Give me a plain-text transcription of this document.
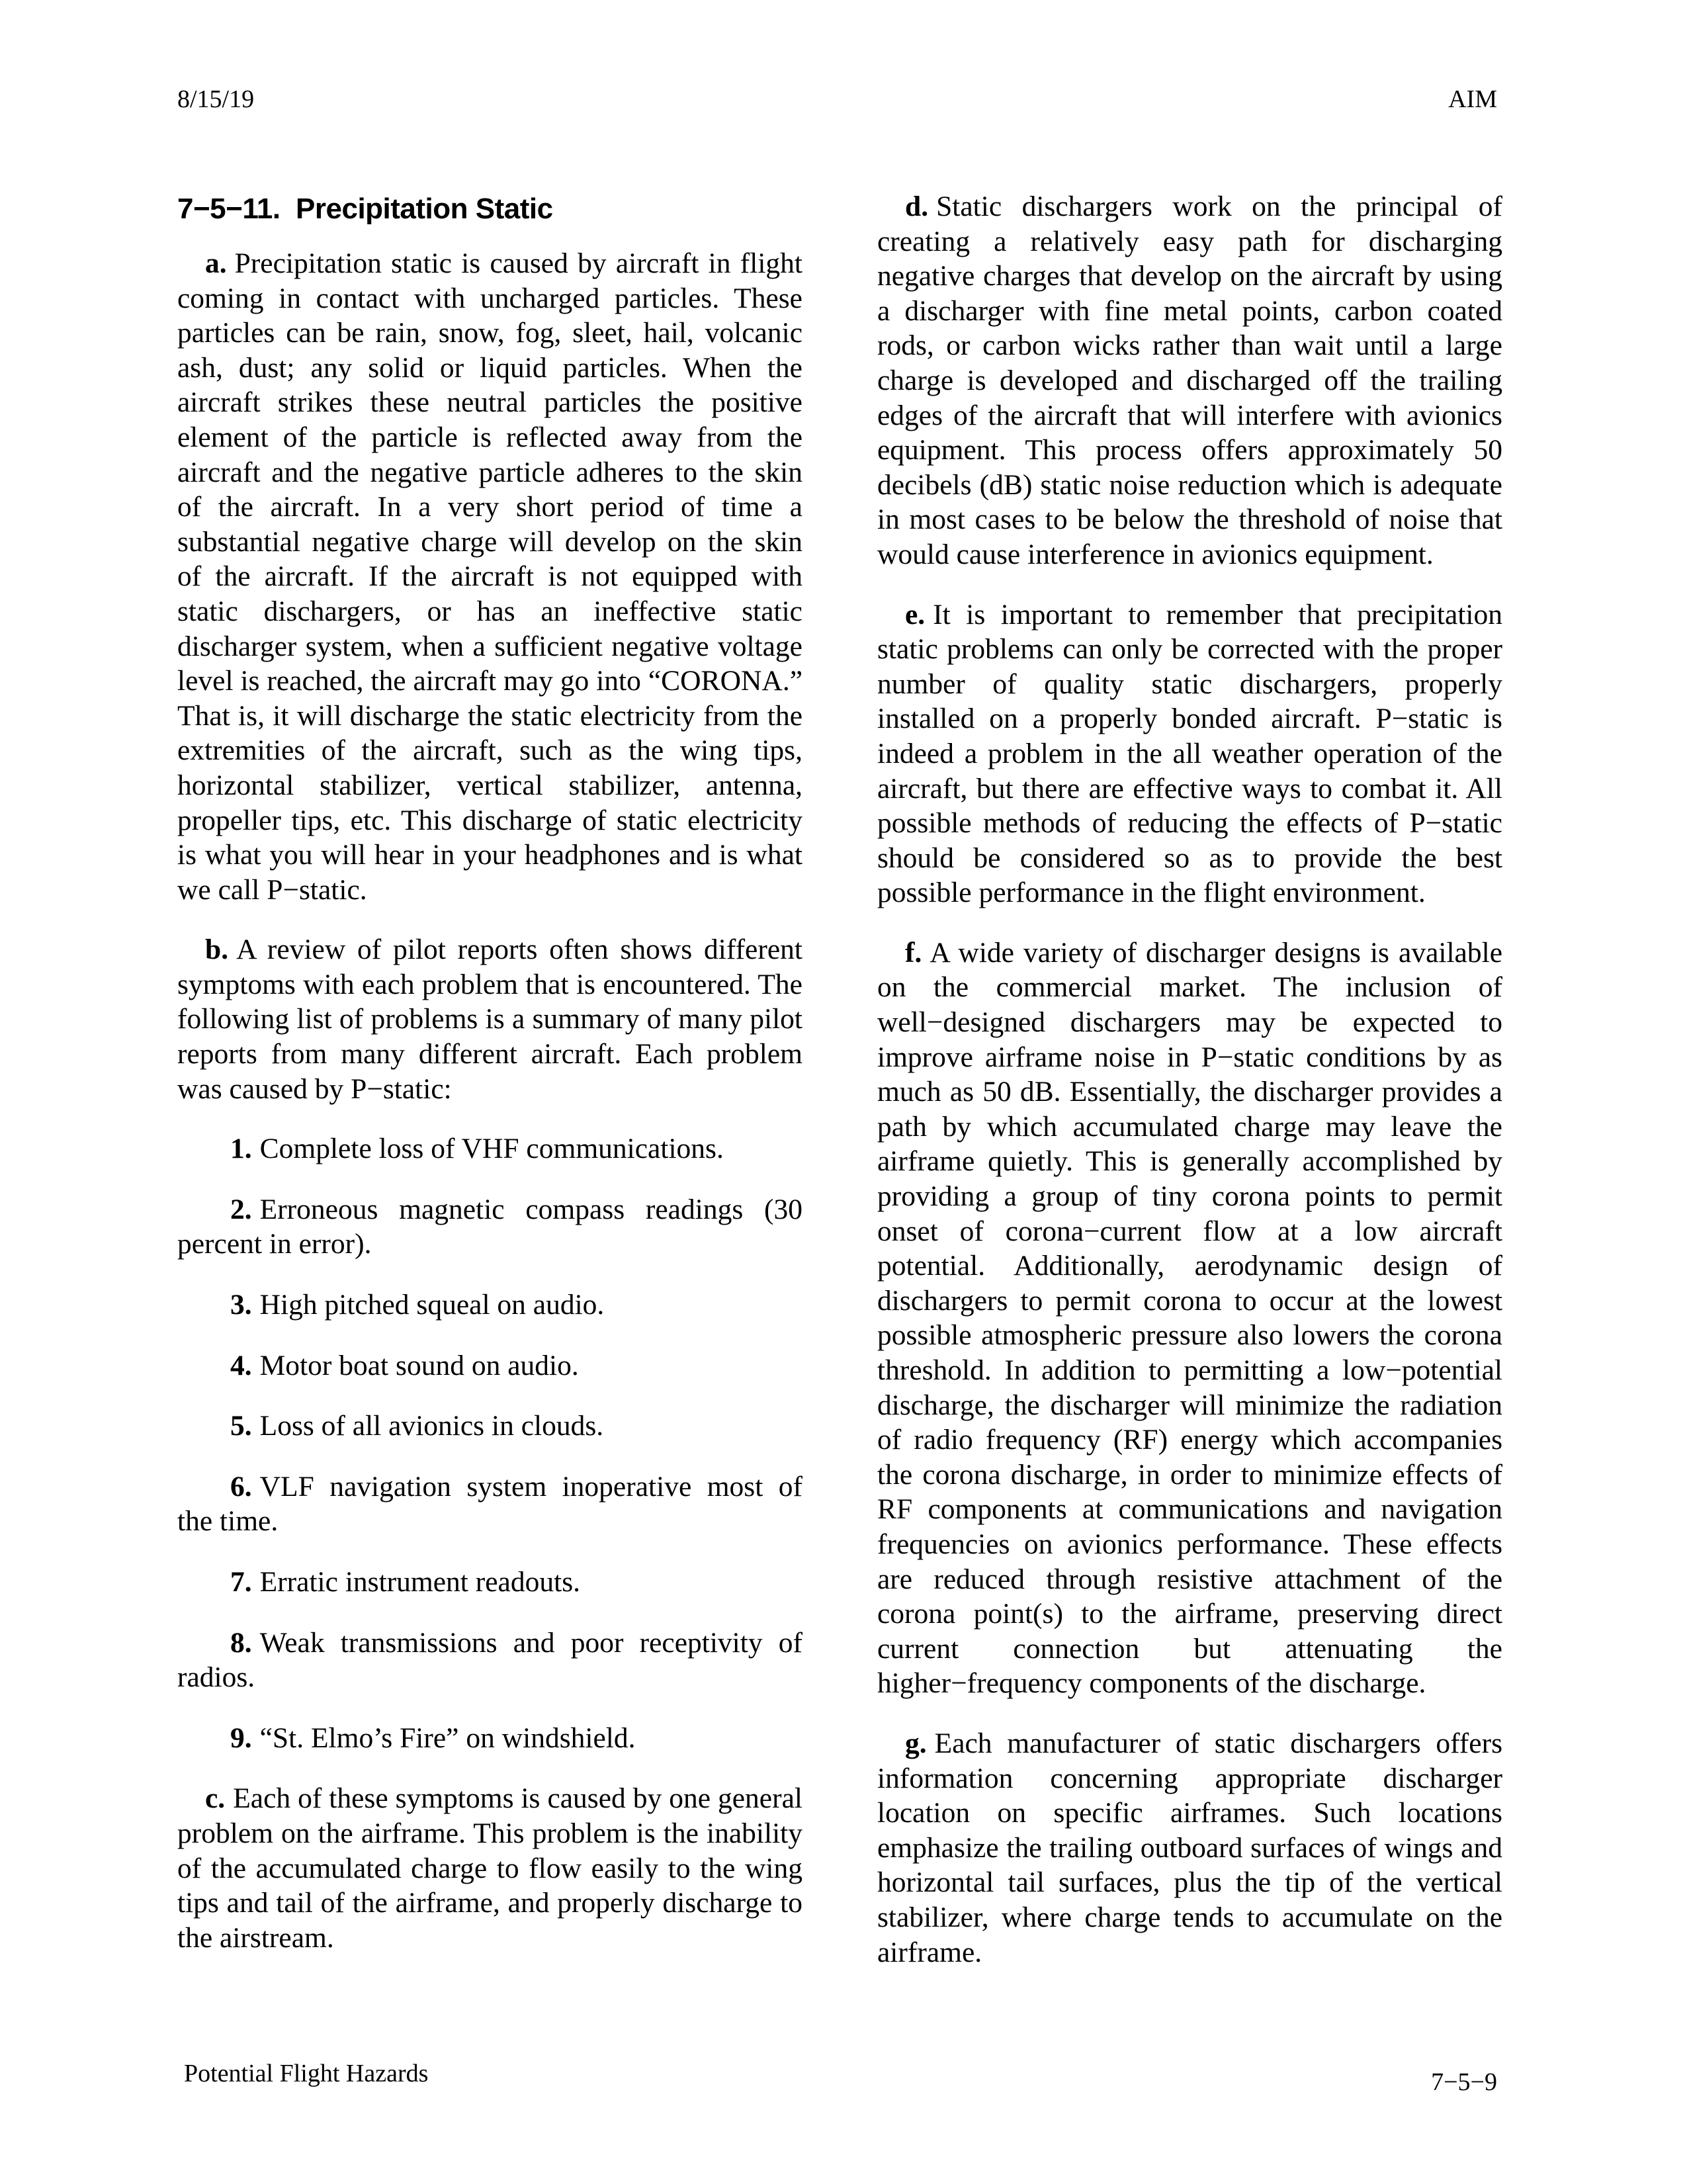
8/15/19	AIM
7−5−11. Precipitation Static

a. Precipitation static is caused by aircraft in flight coming in contact with uncharged particles. These particles can be rain, snow, fog, sleet, hail, volcanic ash, dust; any solid or liquid particles. When the aircraft strikes these neutral particles the positive element of the particle is reflected away from the aircraft and the negative particle adheres to the skin of the aircraft. In a very short period of time a substantial negative charge will develop on the skin of the aircraft. If the aircraft is not equipped with static dischargers, or has an ineffective static discharger system, when a sufficient negative voltage level is reached, the aircraft may go into “CORONA.” That is, it will discharge the static electricity from the extremities of the aircraft, such as the wing tips, horizontal stabilizer, vertical stabilizer, antenna, propeller tips, etc. This discharge of static electricity is what you will hear in your headphones and is what we call P−static.

b. A review of pilot reports often shows different symptoms with each problem that is encountered. The following list of problems is a summary of many pilot reports from many different aircraft. Each problem was caused by P−static:

1. Complete loss of VHF communications.

2. Erroneous magnetic compass readings (30 percent in error).

3. High pitched squeal on audio.

4. Motor boat sound on audio.

5. Loss of all avionics in clouds.

6. VLF navigation system inoperative most of the time.

7. Erratic instrument readouts.

8. Weak transmissions and poor receptivity of radios.

9. “St. Elmo’s Fire” on windshield.

c. Each of these symptoms is caused by one general problem on the airframe. This problem is the inability of the accumulated charge to flow easily to the wing tips and tail of the airframe, and properly discharge to the airstream.

d. Static dischargers work on the principal of creating a relatively easy path for discharging negative charges that develop on the aircraft by using a discharger with fine metal points, carbon coated rods, or carbon wicks rather than wait until a large charge is developed and discharged off the trailing edges of the aircraft that will interfere with avionics equipment. This process offers approximately 50 decibels (dB) static noise reduction which is adequate in most cases to be below the threshold of noise that would cause interference in avionics equipment.

e. It is important to remember that precipitation static problems can only be corrected with the proper number of quality static dischargers, properly installed on a properly bonded aircraft. P−static is indeed a problem in the all weather operation of the aircraft, but there are effective ways to combat it. All possible methods of reducing the effects of P−static should be considered so as to provide the best possible performance in the flight environment.

f. A wide variety of discharger designs is available on the commercial market. The inclusion of well−designed dischargers may be expected to improve airframe noise in P−static conditions by as much as 50 dB. Essentially, the discharger provides a path by which accumulated charge may leave the airframe quietly. This is generally accomplished by providing a group of tiny corona points to permit onset of corona−current flow at a low aircraft potential. Additionally, aerodynamic design of dischargers to permit corona to occur at the lowest possible atmospheric pressure also lowers the corona threshold. In addition to permitting a low−potential discharge, the discharger will minimize the radiation of radio frequency (RF) energy which accompanies the corona discharge, in order to minimize effects of RF components at communications and navigation frequencies on avionics performance. These effects are reduced through resistive attachment of the corona point(s) to the airframe, preserving direct current connection but attenuating the higher−frequency components of the discharge.

g. Each manufacturer of static dischargers offers information concerning appropriate discharger location on specific airframes. Such locations emphasize the trailing outboard surfaces of wings and horizontal tail surfaces, plus the tip of the vertical stabilizer, where charge tends to accumulate on the airframe.

Potential Flight Hazards	7−5−9
